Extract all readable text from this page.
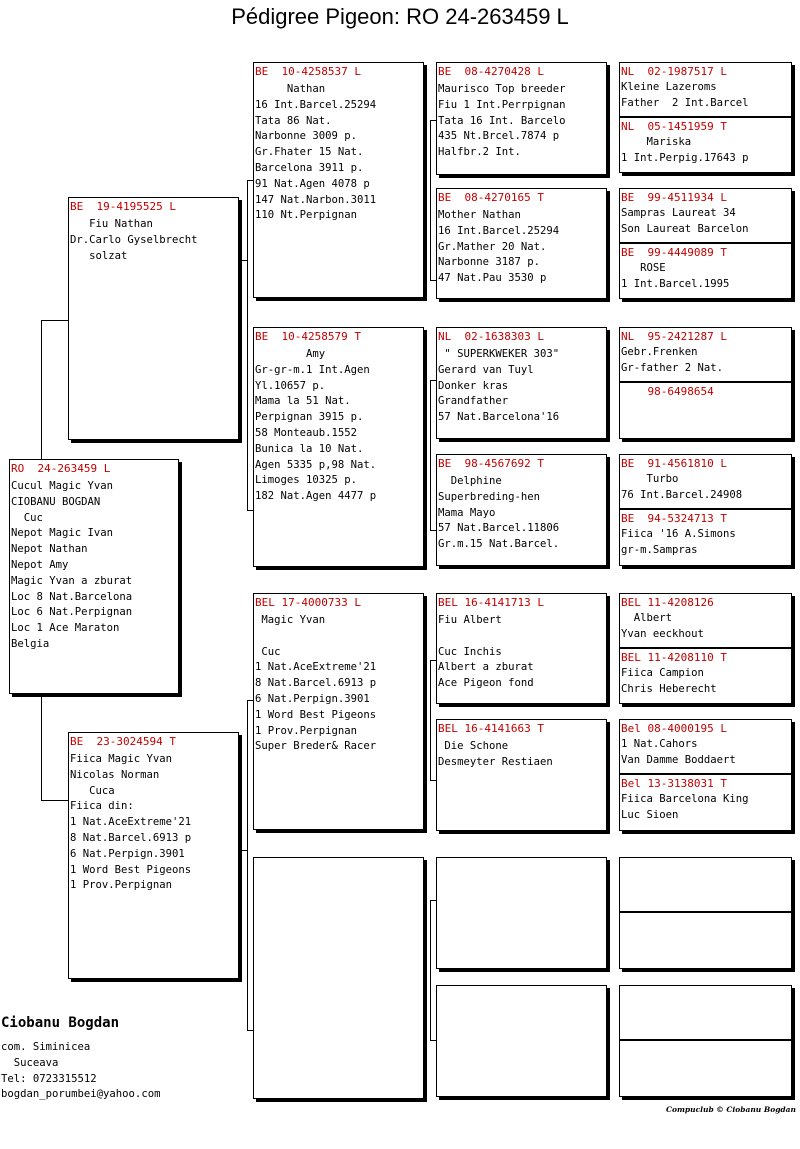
Pédigree Pigeon: RO 24-263459 L
RO  24-263459 L
Cucul Magic Yvan
CIOBANU BOGDAN
Cuc
Nepot Magic Ivan
Nepot Nathan
Nepot Amy
Magic Yvan a zburat
Loc 8 Nat.Barcelona
Loc 6 Nat.Perpignan
Loc 1 Ace Maraton
Belgia
BE  19-4195525 L
Fiu Nathan
Dr.Carlo Gyselbrecht
solzat
BE  23-3024594 T
Fiica Magic Yvan
Nicolas Norman
Cuca
Fiica din:
1 Nat.AceExtreme'21
8 Nat.Barcel.6913 p
6 Nat.Perpign.3901
1 Word Best Pigeons
1 Prov.Perpignan
BE  10-4258537 L
Nathan
16 Int.Barcel.25294
Tata 86 Nat.
Narbonne 3009 p.
Gr.Fhater 15 Nat.
Barcelona 3911 p.
91 Nat.Agen 4078 p
147 Nat.Narbon.3011
110 Nt.Perpignan
BE  10-4258579 T
Amy
Gr-gr-m.1 Int.Agen
Yl.10657 p.
Mama la 51 Nat.
Perpignan 3915 p.
58 Monteaub.1552
Bunica la 10 Nat.
Agen 5335 p,98 Nat.
Limoges 10325 p.
182 Nat.Agen 4477 p
BEL 17-4000733 L
Magic Yvan
Cuc
1 Nat.AceExtreme'21
8 Nat.Barcel.6913 p
6 Nat.Perpign.3901
1 Word Best Pigeons
1 Prov.Perpignan
Super Breder& Racer
BE  08-4270428 L
Maurisco Top breeder
Fiu 1 Int.Perrpignan
Tata 16 Int. Barcelo
435 Nt.Brcel.7874 p
Halfbr.2 Int.
BE  08-4270165 T
Mother Nathan
16 Int.Barcel.25294
Gr.Mather 20 Nat.
Narbonne 3187 p.
47 Nat.Pau 3530 p
NL  02-1638303 L
" SUPERKWEKER 303"
Gerard van Tuyl
Donker kras
Grandfather
57 Nat.Barcelona'16
BE  98-4567692 T
Delphine
Superbreding-hen
Mama Mayo
57 Nat.Barcel.11806
Gr.m.15 Nat.Barcel.
BEL 16-4141713 L
Fiu Albert
Cuc Inchis
Albert a zburat
Ace Pigeon fond
BEL 16-4141663 T
Die Schone
Desmeyter Restiaen
NL  02-1987517 L
Kleine Lazeroms
Father  2 Int.Barcel
NL  05-1451959 T
Mariska
1 Int.Perpig.17643 p
BE  99-4511934 L
Sampras Laureat 34
Son Laureat Barcelon
BE  99-4449089 T
ROSE
1 Int.Barcel.1995
NL  95-2421287 L
Gebr.Frenken
Gr-father 2 Nat.
98-6498654
BE  91-4561810 L
Turbo
76 Int.Barcel.24908
BE  94-5324713 T
Fiica '16 A.Simons
gr-m.Sampras
BEL 11-4208126
Albert
Yvan eeckhout
BEL 11-4208110 T
Fiica Campion
Chris Heberecht
Bel 08-4000195 L
1 Nat.Cahors
Van Damme Boddaert
Bel 13-3138031 T
Fiica Barcelona King
Luc Sioen
Ciobanu Bogdan
com. Siminicea
Suceava
Tel: 0723315512
bogdan_porumbei@yahoo.com
Compuclub © Ciobanu Bogdan
